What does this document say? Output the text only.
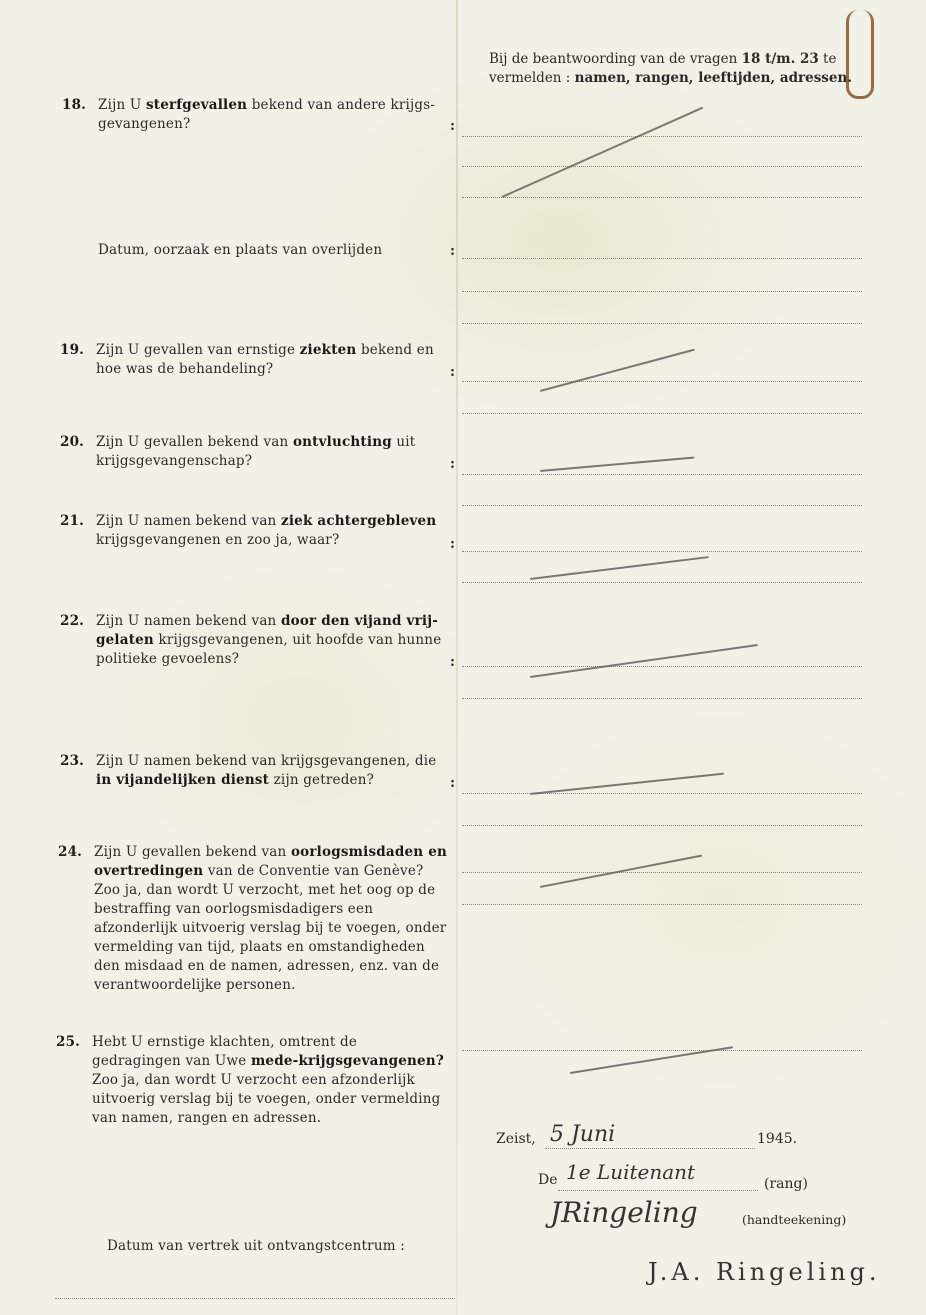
Bij de beantwoording van de vragen 18 t/m. 23 te vermelden : namen, rangen, leeftijden, adressen.
18. Zijn U sterfgevallen bekend van andere krijgs-gevangenen?	:
Datum, oorzaak en plaats van overlijden	:
19. Zijn U gevallen van ernstige ziekten bekend en hoe was de behandeling?	:
20. Zijn U gevallen bekend van ontvluchting uit krijgsgevangenschap?	:
21. Zijn U namen bekend van ziek achtergebleven krijgsgevangenen en zoo ja, waar?	:
22. Zijn U namen bekend van door den vijand vrij-gelaten krijgsgevangenen, uit hoofde van hunne politieke gevoelens?	:
23. Zijn U namen bekend van krijgsgevangenen, die in vijandelijken dienst zijn getreden?	:
24. Zijn U gevallen bekend van oorlogsmisdaden en overtredingen van de Conventie van Genève? Zoo ja, dan wordt U verzocht, met het oog op de bestraffing van oorlogsmisdadigers een afzonderlijk uitvoerig verslag bij te voegen, onder vermelding van tijd, plaats en omstandigheden den misdaad en de namen, adressen, enz. van de verantwoordelijke personen.
25. Hebt U ernstige klachten, omtrent de gedragingen van Uwe mede-krijgsgevangenen? Zoo ja, dan wordt U verzocht een afzonderlijk uitvoerig verslag bij te voegen, onder vermelding van namen, rangen en adressen.
Datum van vertrek uit ontvangstcentrum :
Zeist, 5 Juni	1945.
De 1e Luitenant	(rang)
JRingeling	(handteekening)
J.A. Ringeling.
